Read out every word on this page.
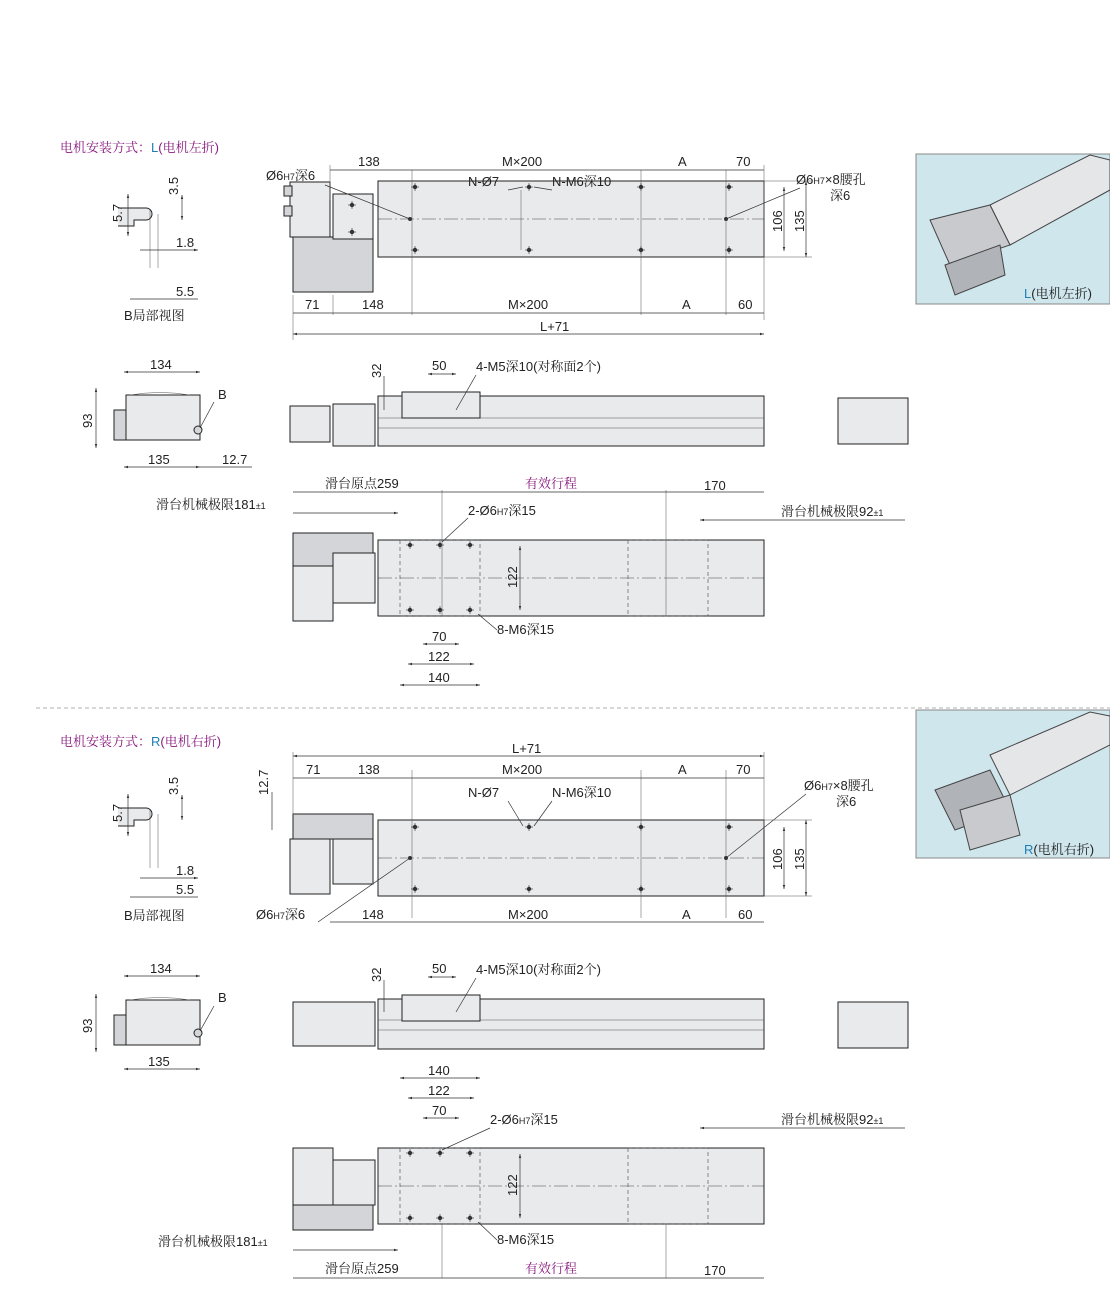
电机安装方式：L(电机左折)
5.7
3.5
1.8
5.5
B局部视图
138	M×200	A	70
N-Ø7	N-M6深10
Ø6H7深6	Ø6H7×8腰孔
深6
106 135
71	148	M×200	A	60
L+71
L(电机左折)
134
B
93
135	12.7
32	50 4-M5深10(对称面2个)
滑台原点259	有效行程	170
滑台机械极限181±1	滑台机械极限92±1
2-Ø6H7深15
122
8-M6深15
70
122
140
电机安装方式：R(电机右折)
5.7
3.5
1.8
5.5
B局部视图
L+71
12.7
71	138	M×200	A	70
N-Ø7	N-M6深10	Ø6H7×8腰孔
深6
106 135
Ø6H7深6	148	M×200	A	60
R(电机右折)
134
B
93
135
32	50 4-M5深10(对称面2个)
140
122
70
2-Ø6H7深15	滑台机械极限92±1
122
滑台机械极限181±1	8-M6深15
滑台原点259	有效行程	170
